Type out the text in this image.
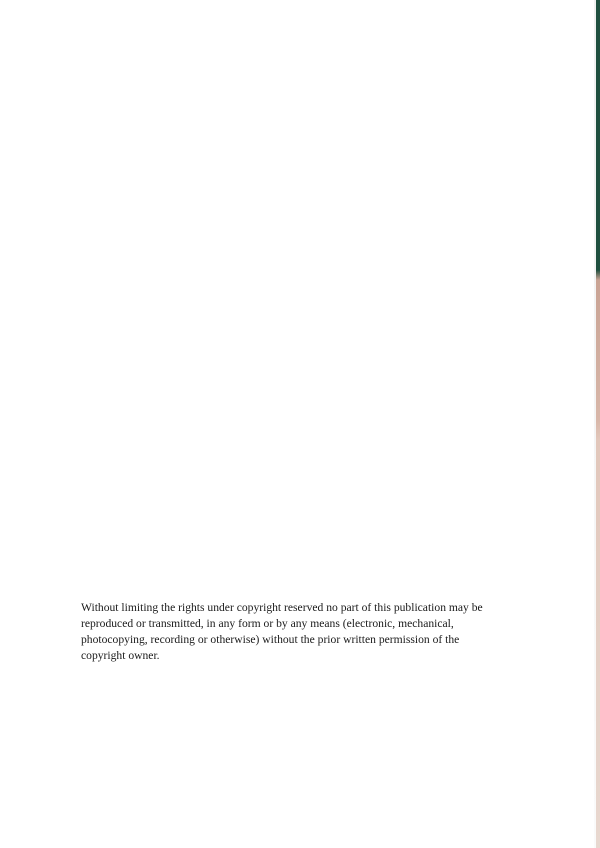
Without limiting the rights under copyright reserved no part of this publication may be
reproduced or transmitted, in any form or by any means (electronic, mechanical,
photocopying, recording or otherwise) without the prior written permission of the
copyright owner.
